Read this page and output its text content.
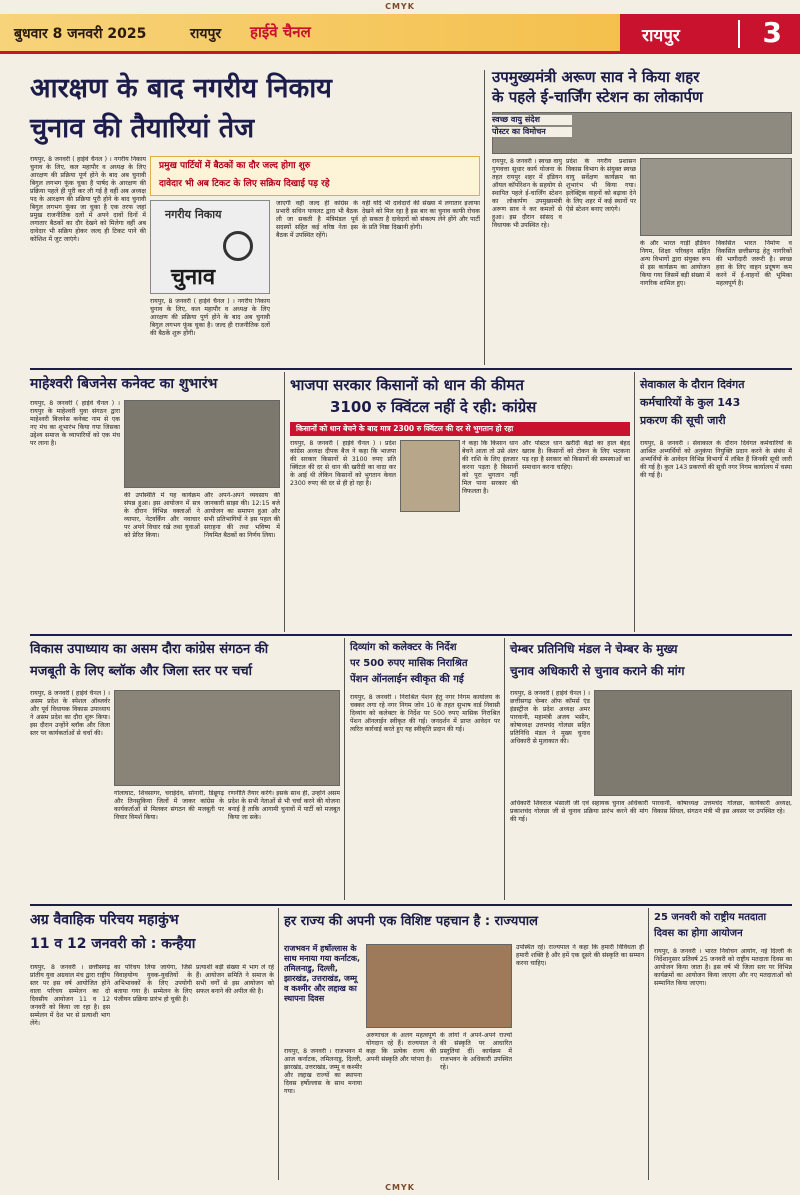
CMYK
बुधवार 8 जनवरी 2025	रायपुर हाईवे चैनल	रायपुर	3
आरक्षण के बाद नगरीय निकाय
चुनाव की तैयारियां तेज
प्रमुख पार्टियों में बैठकों का दौर जल्द होगा शुरु
दावेदार भी अब टिकट के लिए सक्रिय दिखाई पड़ रहे
रायपुर, 8 जनवरी ( हाईवे चैनल ) । नगरीय निकाय चुनाव के लिए, कल महापौर व अध्यक्ष के लिए आरक्षण की प्रक्रिया पूर्ण होने के बाद अब चुनावी बिगुल लगभग फूंक चुका है पार्षद के आरक्षण की प्रक्रिया पहले ही पूरी कर ली गई है वहीं अब अध्यक्ष पद के आरक्षण की प्रक्रिया पूरी होने के बाद चुनावी बिगुल लगभग फूंका जा चुका है एक तरफ जहां प्रमुख राजनीतिक दलों में अपने दावों दिनों में लगातार बैठकों का दौर देखने को मिलेगा वहीं अब दावेदार भी सक्रिय होकर जल्द ही टिकट पाने की कोशिश में जुट जाएंगे।
नगरीय निकाय
चुनाव
रायपुर, 8 जनवरी ( हाईवे चैनल ) । नगरीय निकाय चुनाव के लिए, कल महापौर व अध्यक्ष के लिए आरक्षण की प्रक्रिया पूर्ण होने के बाद अब चुनावी बिगुल लगभग फूंक चुका है। जल्द ही राजनीतिक दलों की बैठकें शुरू होंगी।
जाएगी वहीं जल्द ही कांग्रेस के प्रभारी सचिन पायलट द्वारा भी बैठक ली जा सकती है मंत्रिमंडल पूर्व सदस्यों सहित कई वरिष्ठ नेता इस बैठक में उपस्थित रहेंगे।
वहीं यदि भी दावेदारों की संख्या में लगातार इजाफा देखने को मिल रहा है इस बार का चुनाव काफी रोचक हो सकता है दावेदारों को संकल्प लेने होंगे और पार्टी के प्रति निष्ठा दिखानी होगी।
उपमुख्यमंत्री अरूण साव ने किया शहर
के पहले ई-चार्जिंग स्टेशन का लोकार्पण
स्वच्छ वायु संदेश
पोस्टर का विमोचन
रायपुर, 8 जनवरी । स्वच्छ वायु गुणवत्ता सुधार कार्य योजना के तहत रायपुर शहर में इंडियन ऑयल कॉर्पोरेशन के सहयोग से स्थापित पहले ई-चार्जिंग स्टेशन का लोकार्पण उपमुख्यमंत्री अरूण साव ने कर कमलों से हुआ। इस दौरान सांसद व विधायक भी उपस्थित रहे।
प्रदेश के नगरीय प्रशासन विकास विभाग के संयुक्त स्वच्छ वायु सर्वेक्षण कार्यक्रम का शुभारंभ भी किया गया। इलेक्ट्रिक वाहनों को बढ़ावा देने के लिए शहर में कई स्थानों पर ऐसे स्टेशन बनाए जाएंगे।
के और भारत गाड़ी इंडियन निगम, शिक्षा परिवहन सहित अन्य विभागों द्वारा संयुक्त रूप से इस कार्यक्रम का आयोजन किया गया जिसमें बड़ी संख्या में नागरिक शामिल हुए।
विकसित भारत निर्माण व विकसित छत्तीसगढ़ हेतु नागरिकों की भागीदारी जरूरी है। स्वच्छ हवा के लिए वाहन प्रदूषण कम करने में ई-वाहनों की भूमिका महत्वपूर्ण है।
माहेश्वरी बिजनेस कनेक्ट का शुभारंभ
रायपुर, 8 जनवरी ( हाईवे चैनल ) । रायपुर के माहेश्वरी युवा संगठन द्वारा माहेश्वरी बिजनेस कनेक्ट नाम से एक नए मंच का शुभारंभ किया गया जिसका उद्देश्य समाज के व्यापारियों को एक मंच पर लाना है।
की उपस्थिति में यह कार्यक्रम संपन्न हुआ। इस आयोजन में सत्र के दौरान विभिन्न वक्ताओं ने व्यापार, नेटवर्किंग और नवाचार पर अपने विचार रखे तथा युवाओं को प्रेरित किया।
और अपने-अपने व्यवसाय की जानकारी साझा की। 12:15 बजे आयोजन का समापन हुआ और सभी प्रतिभागियों ने इस पहल की सराहना की तथा भविष्य में नियमित बैठकों का निर्णय लिया।
भाजपा सरकार किसानों को धान की कीमत
3100 रु क्विंटल नहीं दे रही: कांग्रेस
किसानों को धान बेचने के बाद मात्र 2300 रु क्विंटल की दर से भुगतान हो रहा
रायपुर, 8 जनवरी ( हाईवे चैनल ) । प्रदेश कांग्रेस अध्यक्ष दीपक बैज ने कहा कि भाजपा की सरकार किसानों से 3100 रुपए प्रति क्विंटल की दर से धान की खरीदी का वादा कर के आई थी लेकिन किसानों को भुगतान केवल 2300 रुपए की दर से ही हो रहा है।
ने कहा कि किसान धान बेचने आता तो उसे अंतर की राशि के लिए इंतजार करना पड़ता है किसानों को पूरा भुगतान नहीं मिल पाना सरकार की विफलता है।
और पोस्टल धान खरीदी केंद्रों का हाल बेहद खराब है। किसानों को टोकन के लिए भटकना पड़ रहा है सरकार को किसानों की समस्याओं का समाधान करना चाहिए।
सेवाकाल के दौरान दिवंगत
कर्मचारियों के कुल 143
प्रकरण की सूची जारी
रायपुर, 8 जनवरी । सेवाकाल के दौरान दिवंगत कर्मचारियों के आश्रित अभ्यर्थियों को अनुकंपा नियुक्ति प्रदान करने के संबंध में अभ्यर्थियों के आवेदन विभिन्न विभागों में लंबित हैं जिनकी सूची जारी की गई है। कुल 143 प्रकरणों की सूची नगर निगम कार्यालय में चस्पा की गई है।
विकास उपाध्याय का असम दौरा कांग्रेस संगठन की
मजबूती के लिए ब्लॉक और जिला स्तर पर चर्चा
रायपुर, 8 जनवरी ( हाईवे चैनल ) । असम प्रदेश के स्पेशल ऑब्जर्वर और पूर्व विधायक विकास उपाध्याय ने असम प्रदेश का दौरा शुरू किया। इस दौरान उन्होंने ब्लॉक और जिला स्तर पर कार्यकर्ताओं से चर्चा की।
गोलाघाट, शिवसागर, चराईदेव, सोनारी, डिब्रूगढ़ और तिनसुकिया जिलों में जाकर कांग्रेस के कार्यकर्ताओं से मिलकर संगठन की मजबूती पर विचार विमर्श किया।
रणनीति तैयार करेंगे। इसके साथ ही, उन्होंने असम प्रदेश के सभी नेताओं से भी चर्चा करने की योजना बनाई है ताकि आगामी चुनावों में पार्टी को मजबूत किया जा सके।
दिव्यांग को कलेक्टर के निर्देश
पर 500 रुपए मासिक निराश्रित
पेंशन ऑनलाईन स्वीकृत की गई
रायपुर, 8 जनवरी । निराश्रित पेंशन हेतु नगर निगम कार्यालय के चक्कर लगा रहे नगर निगम जोन 10 के तहत सुभाष वार्ड निवासी दिव्यांग को कलेक्टर के निर्देश पर 500 रुपए मासिक निराश्रित पेंशन ऑनलाईन स्वीकृत की गई। जनदर्शन में प्राप्त आवेदन पर त्वरित कार्रवाई करते हुए यह स्वीकृति प्रदान की गई।
चेम्बर प्रतिनिधि मंडल ने चेम्बर के मुख्य
चुनाव अधिकारी से चुनाव कराने की मांग
रायपुर, 8 जनवरी ( हाईवे चैनल ) । छत्तीसगढ़ चेम्बर ऑफ कॉमर्स एंड इंडस्ट्रीज के प्रदेश अध्यक्ष अमर पारवानी, महामंत्री अजय भसीन, कोषाध्यक्ष उत्तमचंद गोलछा सहित प्रतिनिधि मंडल ने मुख्य चुनाव अधिकारी से मुलाकात की।
अधिकारी शिवराज भंसाली जी एवं सहायक चुनाव अधिकारी प्रकाशचंद गोलछा जी से चुनाव प्रक्रिया प्रारंभ करने की मांग की गई।
पारवानी, कोषाध्यक्ष उत्तमचंद गोलछा, कार्यकारी अध्यक्ष, विकास सिंघल, संगठन मंत्री भी इस अवसर पर उपस्थित रहे।
अग्र वैवाहिक परिचय महाकुंभ
11 व 12 जनवरी को : कन्हैया
रायपुर, 8 जनवरी । छत्तीसगढ़ प्रांतीय युवा अग्रवाल मंच द्वारा राष्ट्रीय स्तर पर इस वर्ष आयोजित होने वाला परिचय सम्मेलन का दो दिवसीय आयोजन 11 व 12 जनवरी को किया जा रहा है। इस सम्मेलन में देश भर से प्रत्याशी भाग लेंगे।
का परिचय लिया जायेगा, जिसे विवाहयोग्य युवक-युवतियों के अभिभावकों के लिए उपयोगी बताया गया है। सम्मेलन के लिए पंजीयन प्रक्रिया प्रारंभ हो चुकी है।
प्रत्याशी बड़ी संख्या में भाग ले रहे हैं। आयोजन समिति ने समाज के सभी वर्गों से इस आयोजन को सफल बनाने की अपील की है।
हर राज्य की अपनी एक विशिष्ट पहचान है : राज्यपाल
राजभवन में हर्षोल्लास के साथ मनाया गया कर्नाटक, तमिलनाडु, दिल्ली, झारखंड, उत्तराखंड, जम्मू व कश्मीर और लद्दाख का स्थापना दिवस
रायपुर, 8 जनवरी । राजभवन में आज कर्नाटक, तमिलनाडु, दिल्ली, झारखंड, उत्तराखंड, जम्मू व कश्मीर और लद्दाख राज्यों का स्थापना दिवस हर्षोल्लास के साथ मनाया गया।
अरुणाचल के अलग महत्वपूर्ण योगदान रहे हैं। राज्यपाल ने कहा कि प्रत्येक राज्य की अपनी संस्कृति और परंपरा है।
के लोगों ने अपने-अपने राज्यों की संस्कृति पर आधारित प्रस्तुतियां दीं। कार्यक्रम में राजभवन के अधिकारी उपस्थित रहे।
उपस्थित रहे। राज्यपाल ने कहा कि हमारी विविधता ही हमारी शक्ति है और हमें एक दूसरे की संस्कृति का सम्मान करना चाहिए।
25 जनवरी को राष्ट्रीय मतदाता
दिवस का होगा आयोजन
रायपुर, 8 जनवरी । भारत निर्वाचन आयोग, नई दिल्ली के निर्देशानुसार प्रतिवर्ष 25 जनवरी को राष्ट्रीय मतदाता दिवस का आयोजन किया जाता है। इस वर्ष भी जिला स्तर पर विभिन्न कार्यक्रमों का आयोजन किया जाएगा और नए मतदाताओं को सम्मानित किया जाएगा।
CMYK
